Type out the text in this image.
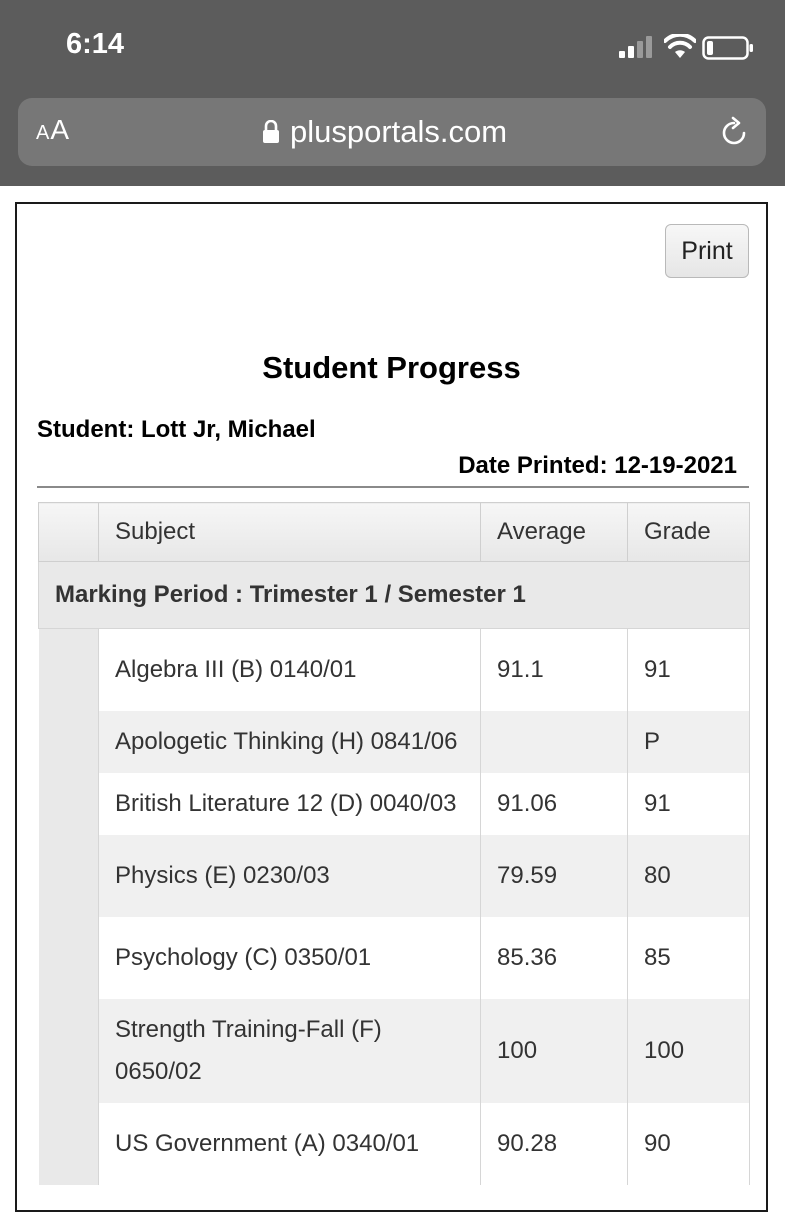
6:14
AA	plusportals.com
Print
Student Progress
Student: Lott Jr, Michael
Date Printed: 12-19-2021
	Subject	Average	Grade
Marking Period : Trimester 1 / Semester 1			
	Algebra III (B) 0140/01	91.1	91
	Apologetic Thinking (H) 0841/06		P
	British Literature 12 (D) 0040/03	91.06	91
	Physics (E) 0230/03	79.59	80
	Psychology (C) 0350/01	85.36	85
	Strength Training-Fall (F) 0650/02	100	100
	US Government (A) 0340/01	90.28	90
